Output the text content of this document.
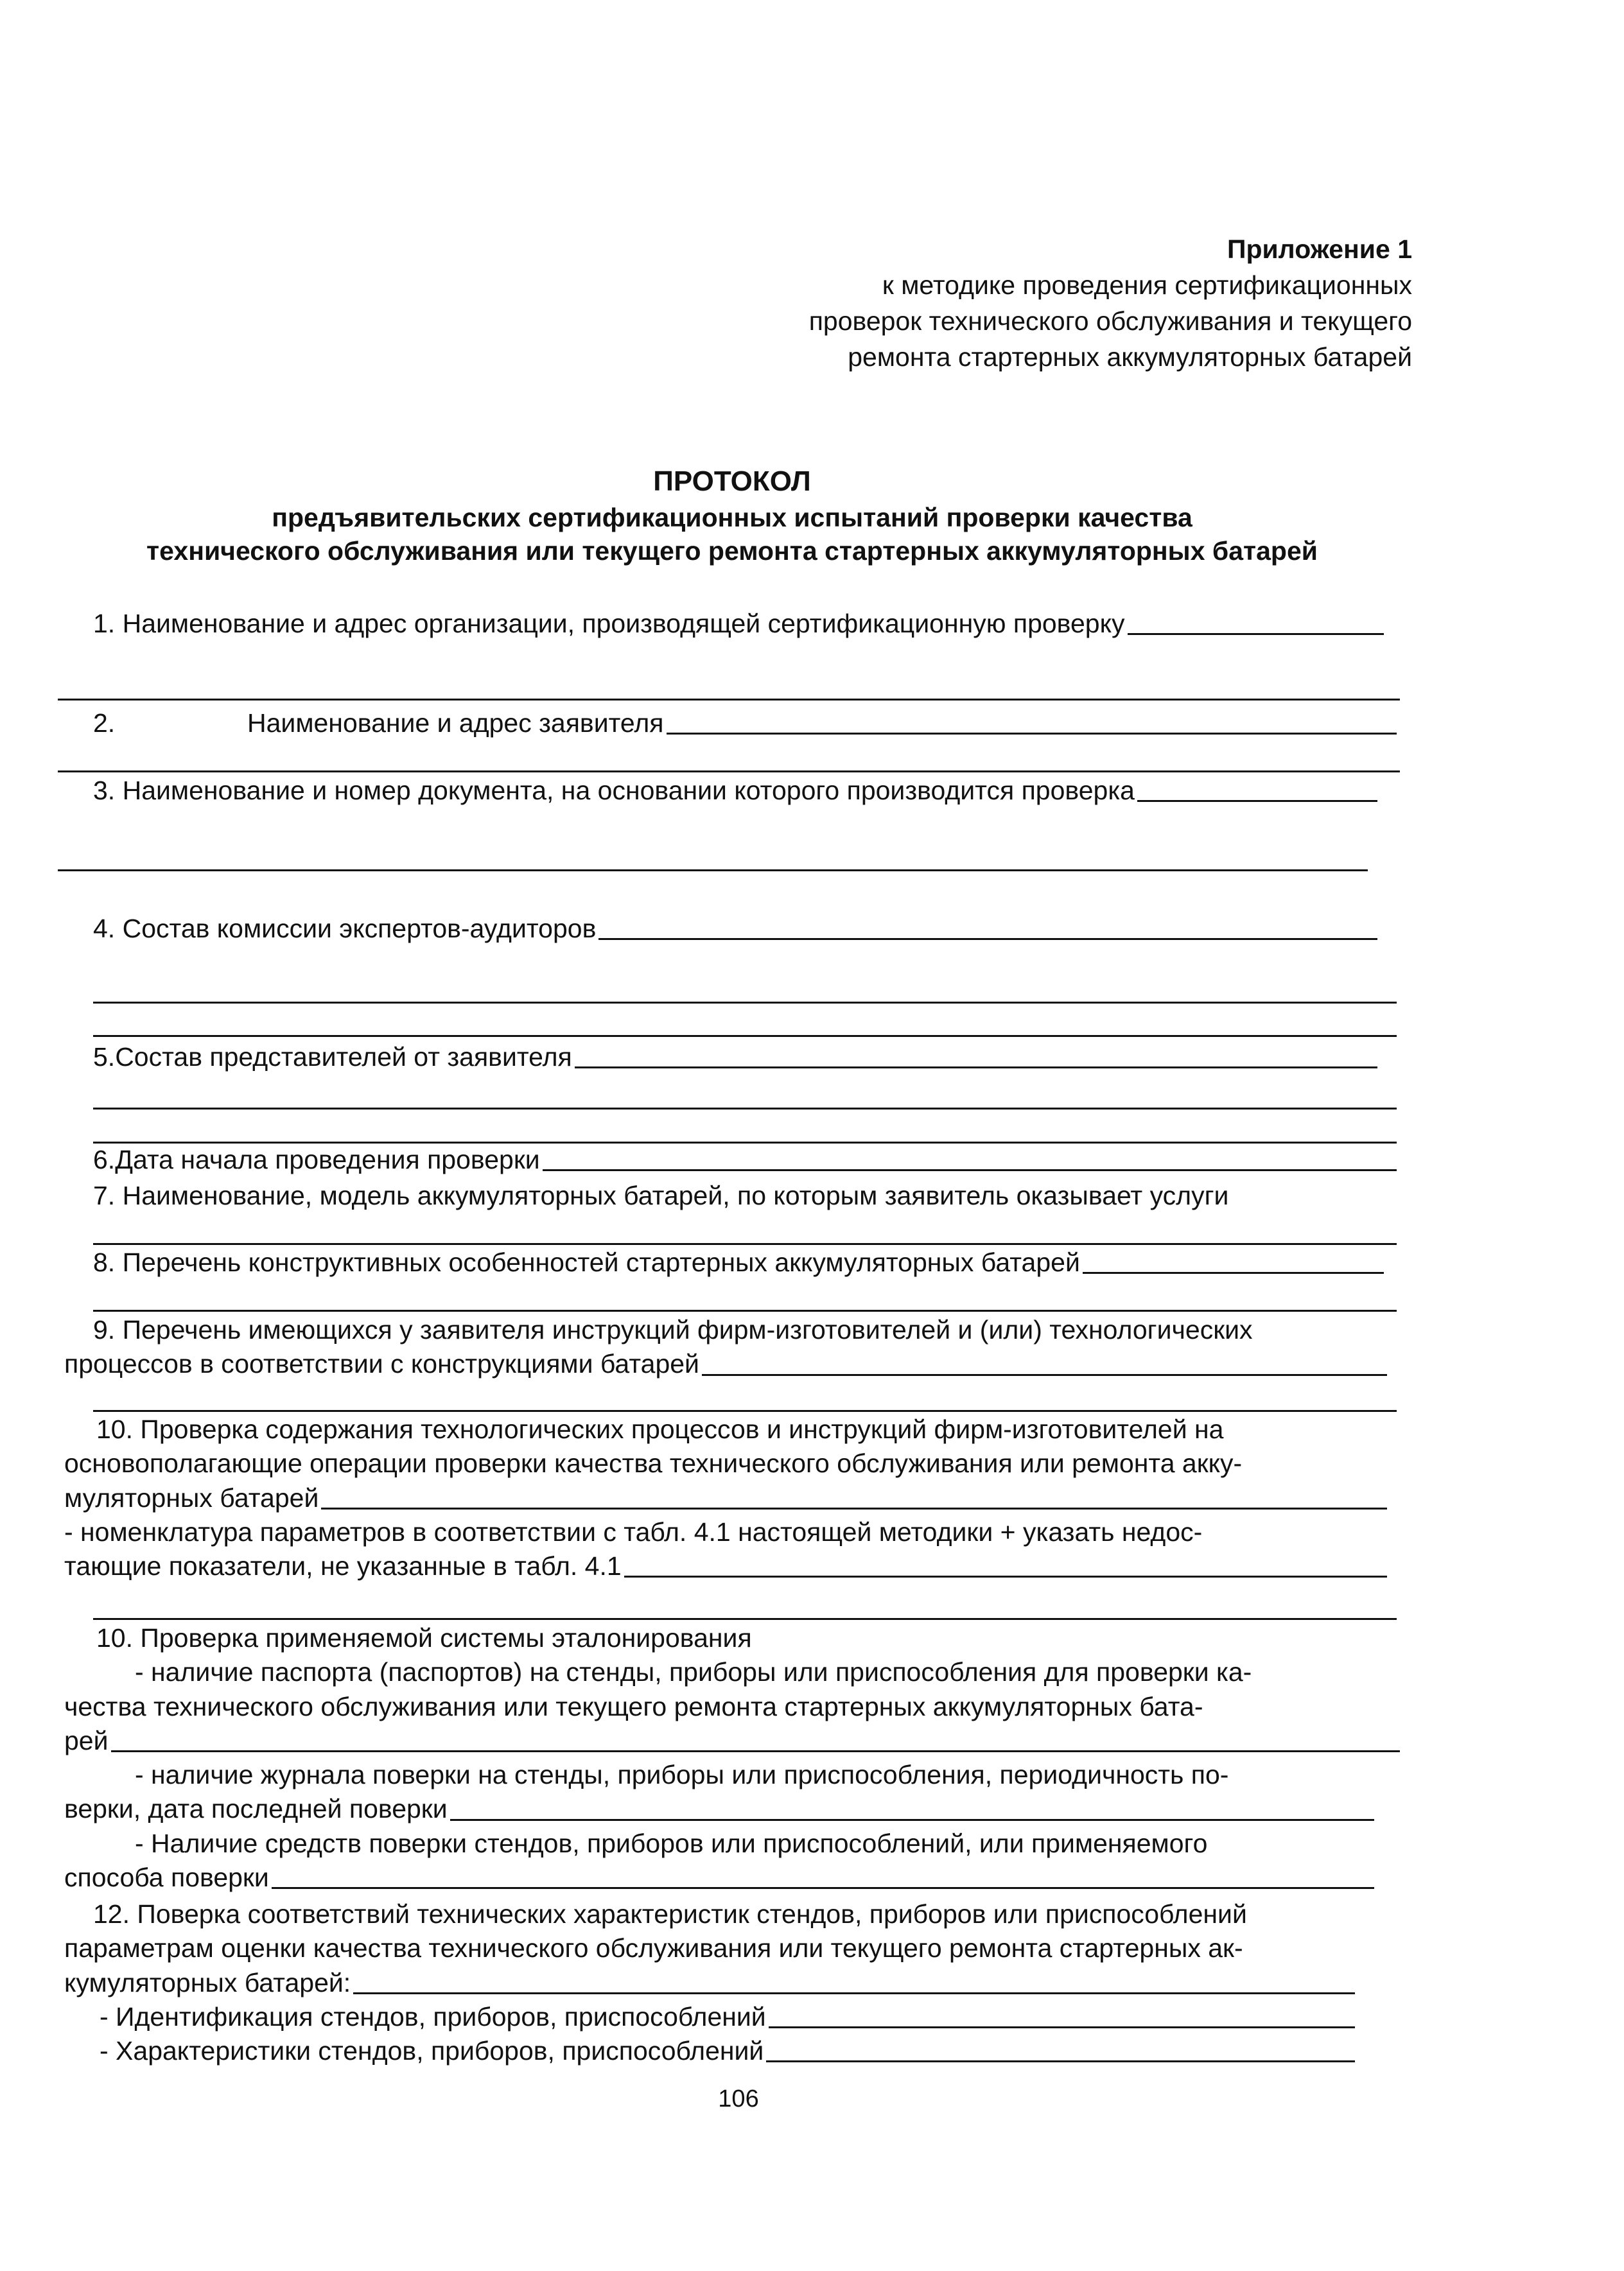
Приложение 1
к методике проведения сертификационных
проверок технического обслуживания и текущего
ремонта стартерных аккумуляторных батарей
ПРОТОКОЛ
предъявительских сертификационных испытаний проверки качества
технического обслуживания или текущего ремонта стартерных аккумуляторных батарей
1. Наименование и адрес организации, производящей сертификационную проверку
2.	Наименование и адрес заявителя
3. Наименование и номер документа, на основании которого производится проверка
4. Состав комиссии экспертов-аудиторов
5.Состав представителей от заявителя
6.Дата начала проведения проверки
7. Наименование, модель аккумуляторных батарей, по которым заявитель оказывает услуги
8. Перечень конструктивных особенностей стартерных аккумуляторных батарей
9. Перечень имеющихся у заявителя инструкций фирм-изготовителей и (или) технологических
процессов в соответствии с конструкциями батарей
10. Проверка содержания технологических процессов и инструкций фирм-изготовителей на
основополагающие операции проверки качества технического обслуживания или ремонта акку-
муляторных батарей
- номенклатура параметров в соответствии с табл. 4.1 настоящей методики + указать недос-
тающие показатели, не указанные в табл. 4.1
10. Проверка применяемой системы эталонирования
- наличие паспорта (паспортов) на стенды, приборы или приспособления для проверки ка-
чества технического обслуживания или текущего ремонта стартерных аккумуляторных бата-
рей
- наличие журнала поверки на стенды, приборы или приспособления, периодичность по-
верки, дата последней поверки
- Наличие средств поверки стендов, приборов или приспособлений, или применяемого
способа поверки
12. Поверка соответствий технических характеристик стендов, приборов или приспособлений
параметрам оценки качества технического обслуживания или текущего ремонта стартерных ак-
кумуляторных батарей:
- Идентификация стендов, приборов, приспособлений
- Характеристики стендов, приборов, приспособлений
106
